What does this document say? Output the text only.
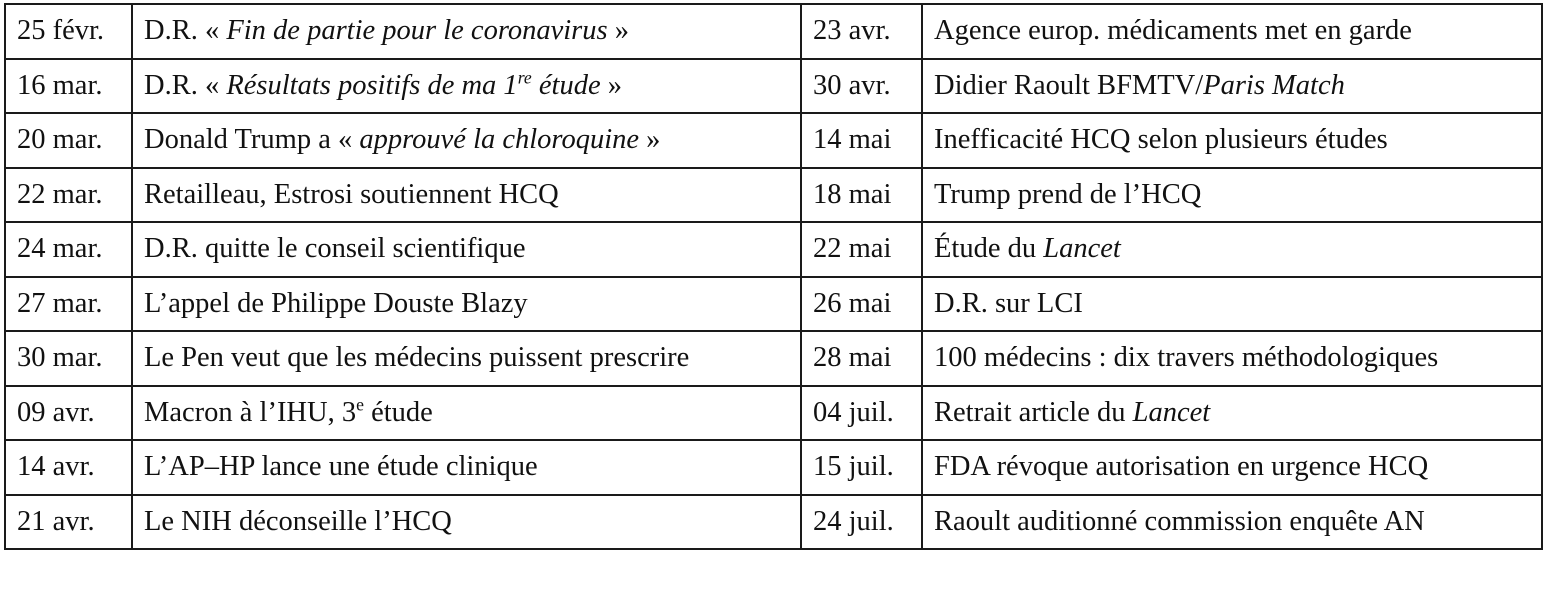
25 févr.	D.R. « Fin de partie pour le coronavirus »	23 avr.	Agence europ. médicaments met en garde
16 mar.	D.R. « Résultats positifs de ma 1re étude »	30 avr.	Didier Raoult BFMTV/Paris Match
20 mar.	Donald Trump a « approuvé la chloroquine »	14 mai	Inefficacité HCQ selon plusieurs études
22 mar.	Retailleau, Estrosi soutiennent HCQ	18 mai	Trump prend de l’HCQ
24 mar.	D.R. quitte le conseil scientifique	22 mai	Étude du Lancet
27 mar.	L’appel de Philippe Douste Blazy	26 mai	D.R. sur LCI
30 mar.	Le Pen veut que les médecins puissent prescrire	28 mai	100 médecins : dix travers méthodologiques
09 avr.	Macron à l’IHU, 3e étude	04 juil.	Retrait article du Lancet
14 avr.	L’AP–HP lance une étude clinique	15 juil.	FDA révoque autorisation en urgence HCQ
21 avr.	Le NIH déconseille l’HCQ	24 juil.	Raoult auditionné commission enquête AN
